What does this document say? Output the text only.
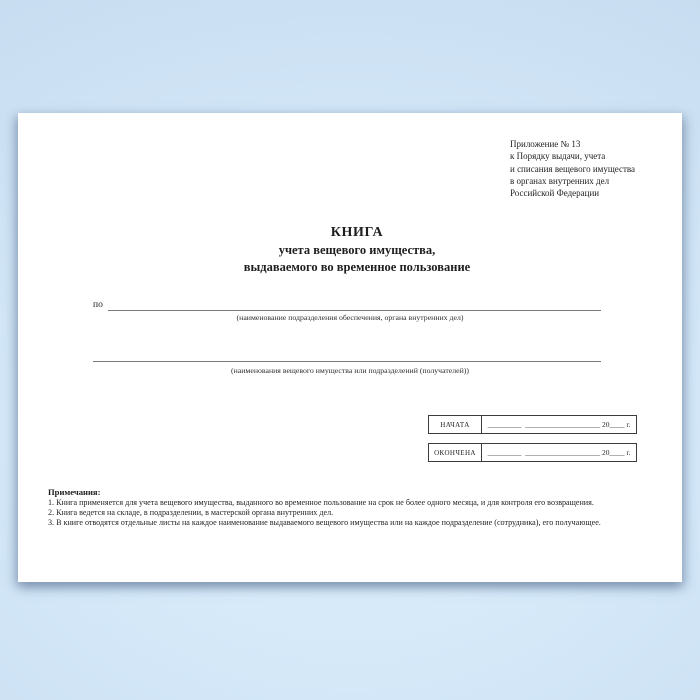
Приложение № 13
к Порядку выдачи, учета
и списания вещевого имущества
в органах внутренних дел
Российской Федерации
КНИГА
учета вещевого имущества,
выдаваемого во временное пользование
по
(наименование подразделения обеспечения, органа внутренних дел)
(наименования вещевого имущества или подразделений (получателей))
НАЧАТА	_________  ____________________ 20____ г.
ОКОНЧЕНА	_________  ____________________ 20____ г.
Примечания:
1. Книга применяется для учета вещевого имущества, выданного во временное пользование на срок не более одного месяца, и для контроля его возвращения.
2. Книга ведется на складе, в подразделении, в мастерской органа внутренних дел.
3. В книге отводятся отдельные листы на каждое наименование выдаваемого вещевого имущества или на каждое подразделение (сотрудника), его получающее.
